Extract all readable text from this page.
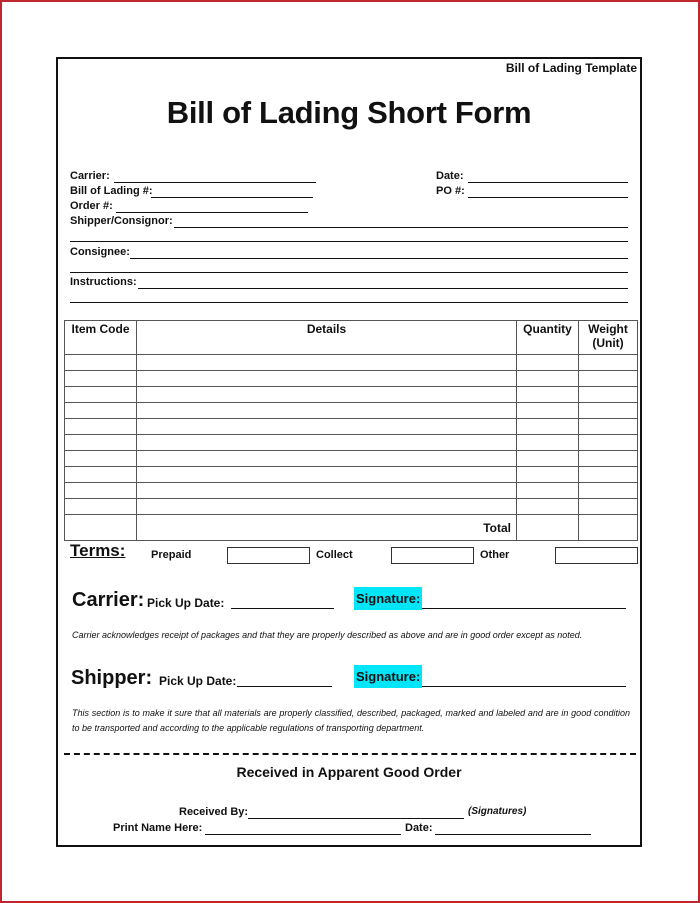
Bill of Lading Template
Bill of Lading Short Form
Carrier:	Date:
Bill of Lading #:	PO #:
Order #:
Shipper/Consignor:
Consignee:
Instructions:
Item Code	Details	Quantity	Weight
(Unit)

	Total		
Terms: Prepaid	Collect	Other
Carrier: Pick Up Date:	Signature:
Carrier acknowledges receipt of packages and that they are properly described as above and are in good order except as noted.
Shipper: Pick Up Date:	Signature:
This section is to make it sure that all materials are properly classified, described, packaged, marked and labeled and are in good condition to be transported and according to the applicable regulations of transporting department.
Received in Apparent Good Order
Received By:	(Signatures)
Print Name Here:	Date:
